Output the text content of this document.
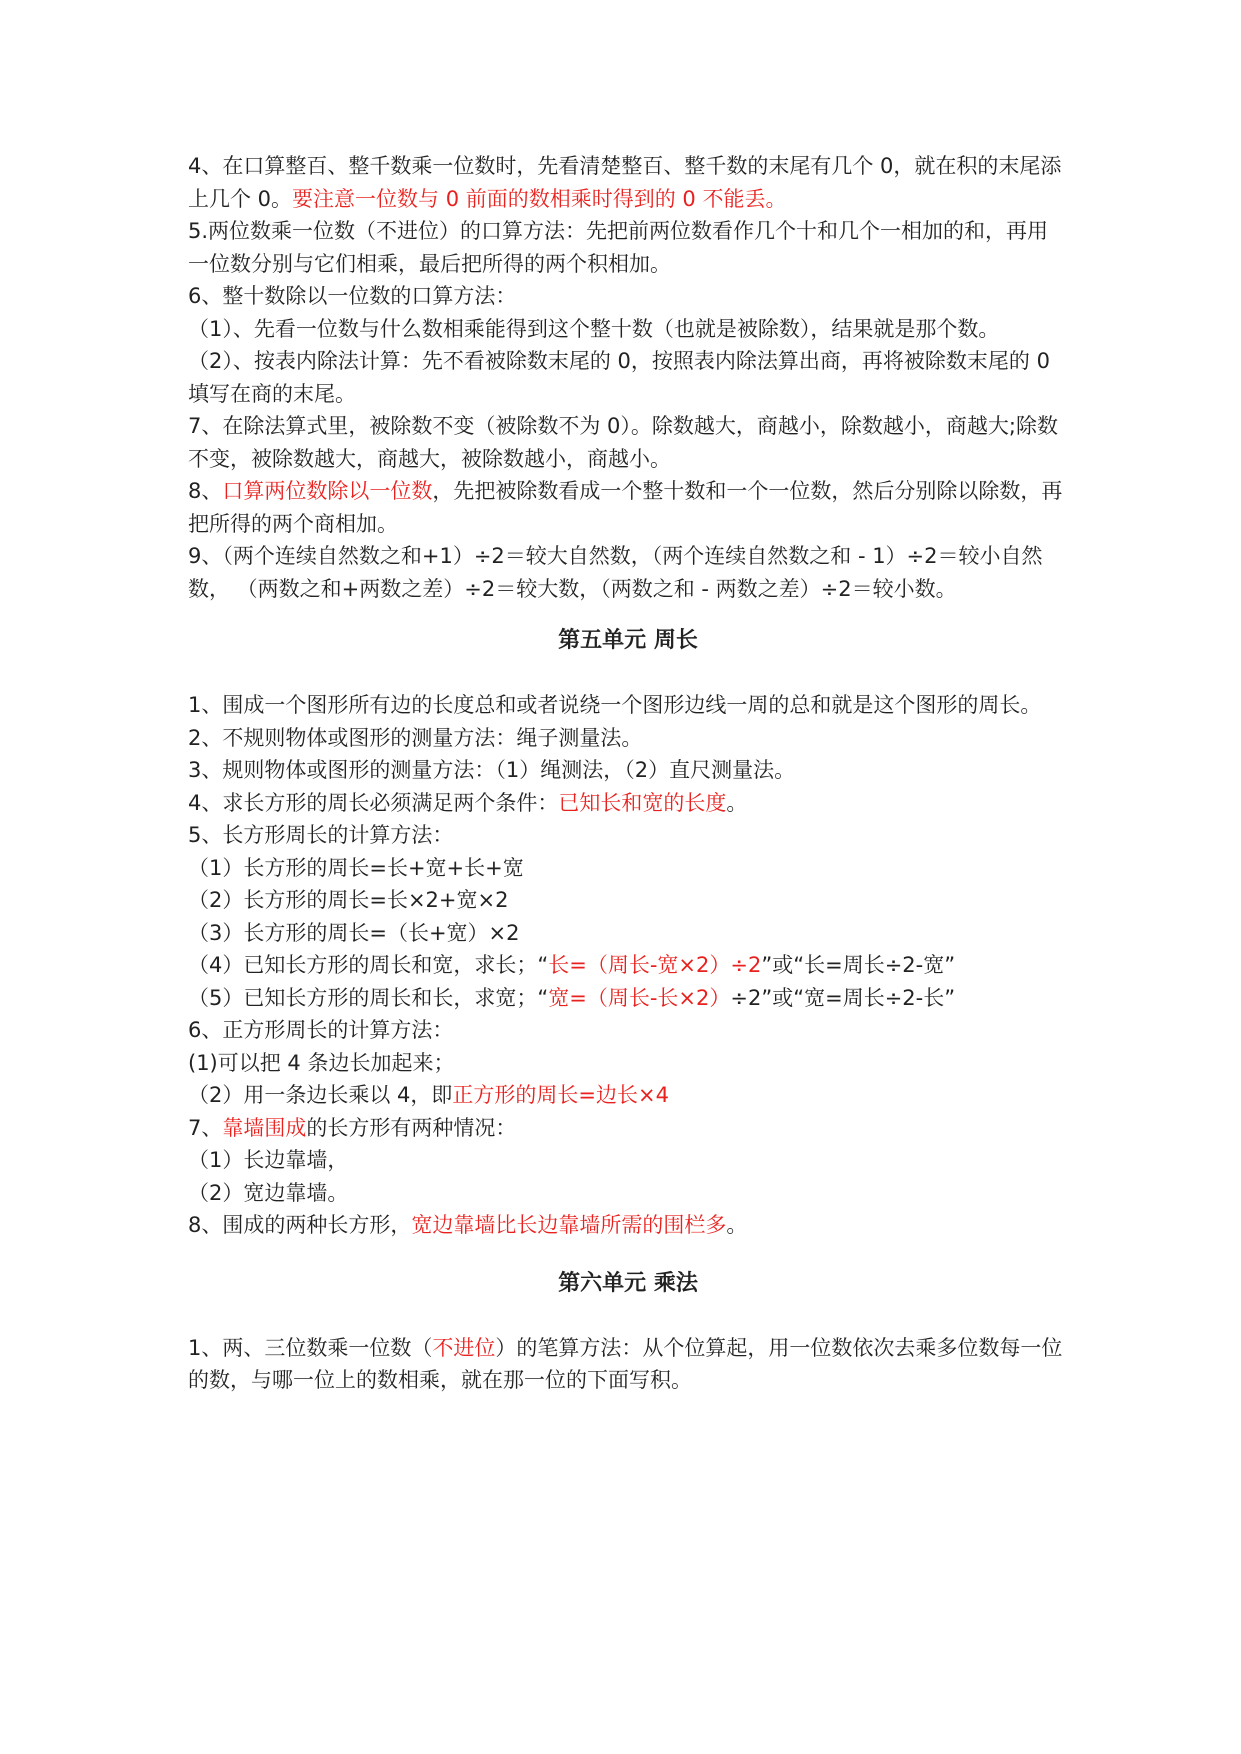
4、在口算整百、整千数乘一位数时，先看清楚整百、整千数的末尾有几个 0，就在积的末尾添上几个 0。要注意一位数与 0 前面的数相乘时得到的 0 不能丢。

5.两位数乘一位数（不进位）的口算方法：先把前两位数看作几个十和几个一相加的和，再用一位数分别与它们相乘，最后把所得的两个积相加。

6、整十数除以一位数的口算方法：

（1）、先看一位数与什么数相乘能得到这个整十数（也就是被除数），结果就是那个数。

（2）、按表内除法计算：先不看被除数末尾的 0，按照表内除法算出商，再将被除数末尾的 0 填写在商的末尾。

7、在除法算式里，被除数不变（被除数不为 0）。除数越大，商越小，除数越小，商越大;除数不变，被除数越大，商越大，被除数越小，商越小。

8、口算两位数除以一位数，先把被除数看成一个整十数和一个一位数，然后分别除以除数，再把所得的两个商相加。

9、（两个连续自然数之和+1）÷2＝较大自然数，（两个连续自然数之和 - 1）÷2＝较小自然数， （两数之和+两数之差）÷2＝较大数，（两数之和 - 两数之差）÷2＝较小数。

第五单元 周长

1、围成一个图形所有边的长度总和或者说绕一个图形边线一周的总和就是这个图形的周长。

2、不规则物体或图形的测量方法：绳子测量法。

3、规则物体或图形的测量方法：（1）绳测法，（2）直尺测量法。

4、求长方形的周长必须满足两个条件：已知长和宽的长度。

5、长方形周长的计算方法：

（1）长方形的周长=长+宽+长+宽

（2）长方形的周长=长×2+宽×2

（3）长方形的周长=（长+宽）×2

（4）已知长方形的周长和宽，求长；“长=（周长-宽×2）÷2”或“长=周长÷2-宽”

（5）已知长方形的周长和长，求宽；“宽=（周长-长×2）÷2”或“宽=周长÷2-长”

6、正方形周长的计算方法：

(1)可以把 4 条边长加起来；

（2）用一条边长乘以 4，即正方形的周长=边长×4

7、靠墙围成的长方形有两种情况：

（1）长边靠墙，

（2）宽边靠墙。

8、围成的两种长方形，宽边靠墙比长边靠墙所需的围栏多。

第六单元 乘法

1、两、三位数乘一位数（不进位）的笔算方法：从个位算起，用一位数依次去乘多位数每一位的数，与哪一位上的数相乘，就在那一位的下面写积。
